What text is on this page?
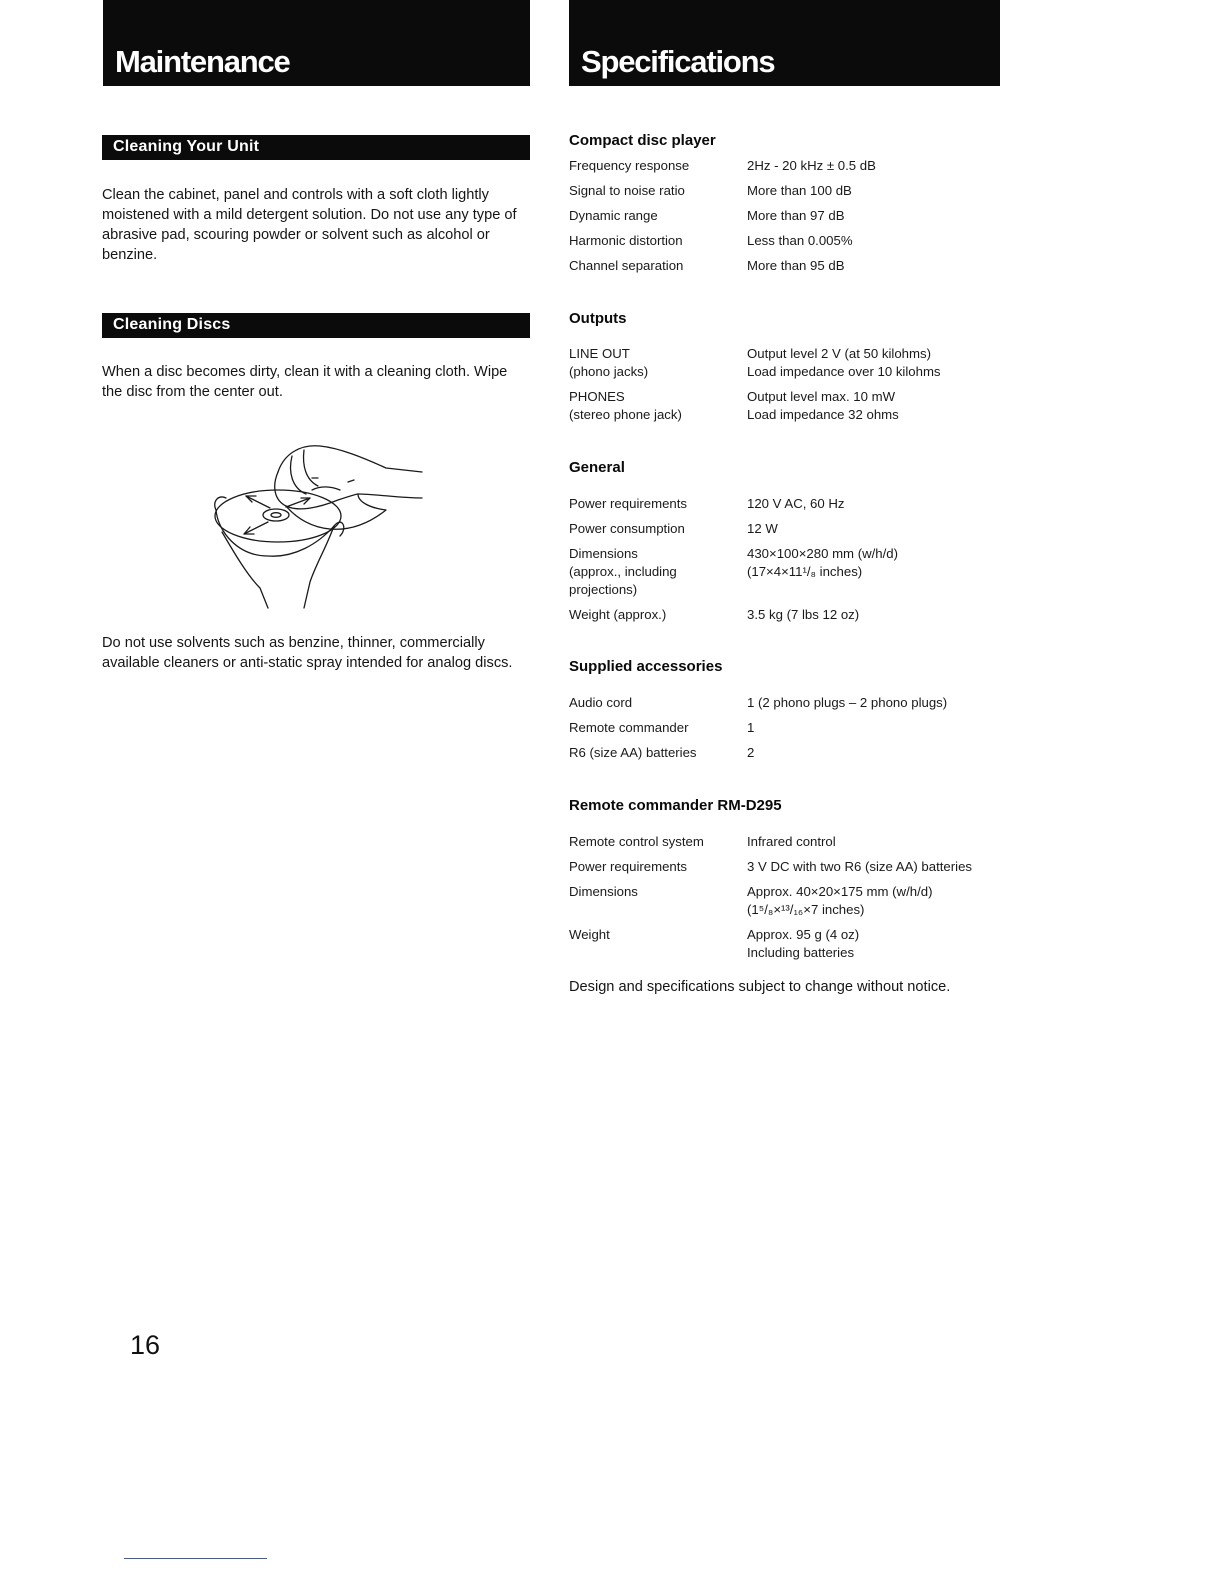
Maintenance
Cleaning Your Unit

Clean the cabinet, panel and controls with a soft cloth lightly moistened with a mild detergent solution. Do not use any type of abrasive pad, scouring powder or solvent such as alcohol or benzine.

Cleaning Discs

When a disc becomes dirty, clean it with a cleaning cloth. Wipe the disc from the center out.

Do not use solvents such as benzine, thinner, commercially available cleaners or anti-static spray intended for analog discs.

Specifications
Compact disc player
Frequency response	2Hz - 20 kHz ± 0.5 dB
Signal to noise ratio	More than 100 dB
Dynamic range	More than 97 dB
Harmonic distortion	Less than 0.005%
Channel separation	More than 95 dB
Outputs
LINE OUT
(phono jacks)	Output level 2 V (at 50 kilohms)
Load impedance over 10 kilohms

PHONES
(stereo phone jack)	Output level max. 10 mW
Load impedance 32 ohms
General
Power requirements	120 V AC, 60 Hz
Power consumption	12 W

Dimensions
(approx., including
projections)	430×100×280 mm (w/h/d)
(17×4×11¹/₈ inches)

Weight (approx.)	3.5 kg (7 lbs 12 oz)
Supplied accessories
Audio cord	1 (2 phono plugs – 2 phono plugs)
Remote commander	1
R6 (size AA) batteries	2
Remote commander RM-D295
Remote control system	Infrared control
Power requirements	3 V DC with two R6 (size AA) batteries
Dimensions	Approx. 40×20×175 mm (w/h/d)
(1⁵/₈×¹³/₁₆×7 inches)

Weight	Approx. 95 g (4 oz)
Including batteries

Design and specifications subject to change without notice.

16
